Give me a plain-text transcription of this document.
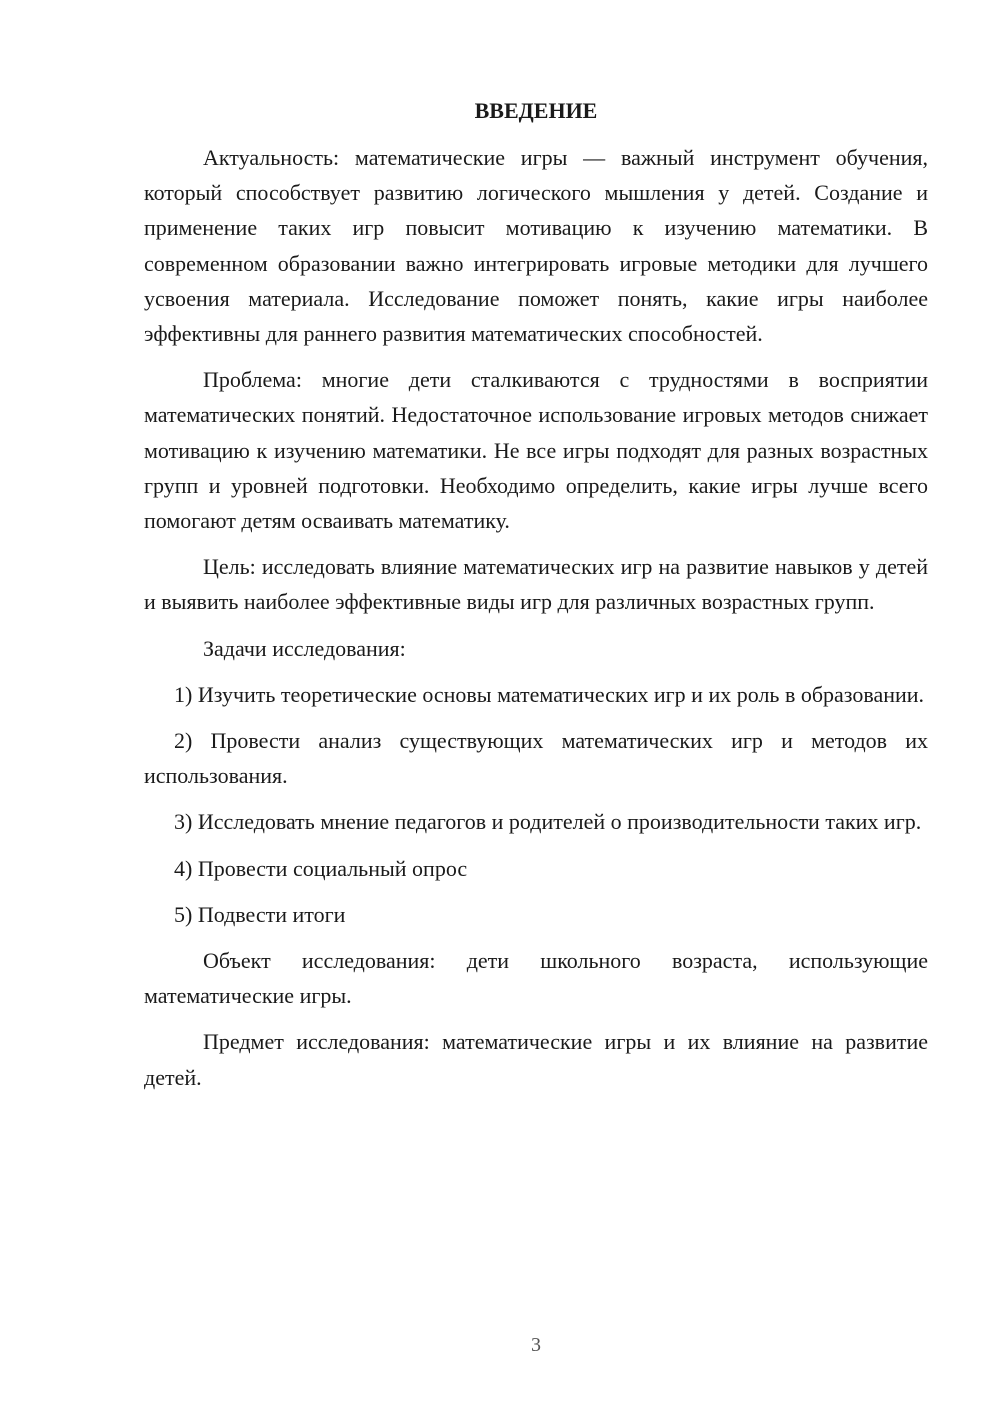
ВВЕДЕНИЕ

Актуальность: математические игры — важный инструмент обучения, который способствует развитию логического мышления у детей. Создание и применение таких игр повысит мотивацию к изучению математики. В современном образовании важно интегрировать игровые методики для лучшего усвоения материала. Исследование поможет понять, какие игры наиболее эффективны для раннего развития математических способностей.

Проблема: многие дети сталкиваются с трудностями в восприятии математических понятий. Недостаточное использование игровых методов снижает мотивацию к изучению математики. Не все игры подходят для разных возрастных групп и уровней подготовки. Необходимо определить, какие игры лучше всего помогают детям осваивать математику.

Цель: исследовать влияние математических игр на развитие навыков у детей и выявить наиболее эффективные виды игр для различных возрастных групп.

Задачи исследования:

1) Изучить теоретические основы математических игр и их роль в образовании.

2) Провести анализ существующих математических игр и методов их использования.

3) Исследовать мнение педагогов и родителей о производительности таких игр.

4) Провести социальный опрос

5) Подвести итоги

Объект исследования: дети школьного возраста, использующие математические игры.

Предмет исследования: математические игры и их влияние на развитие детей.

3
